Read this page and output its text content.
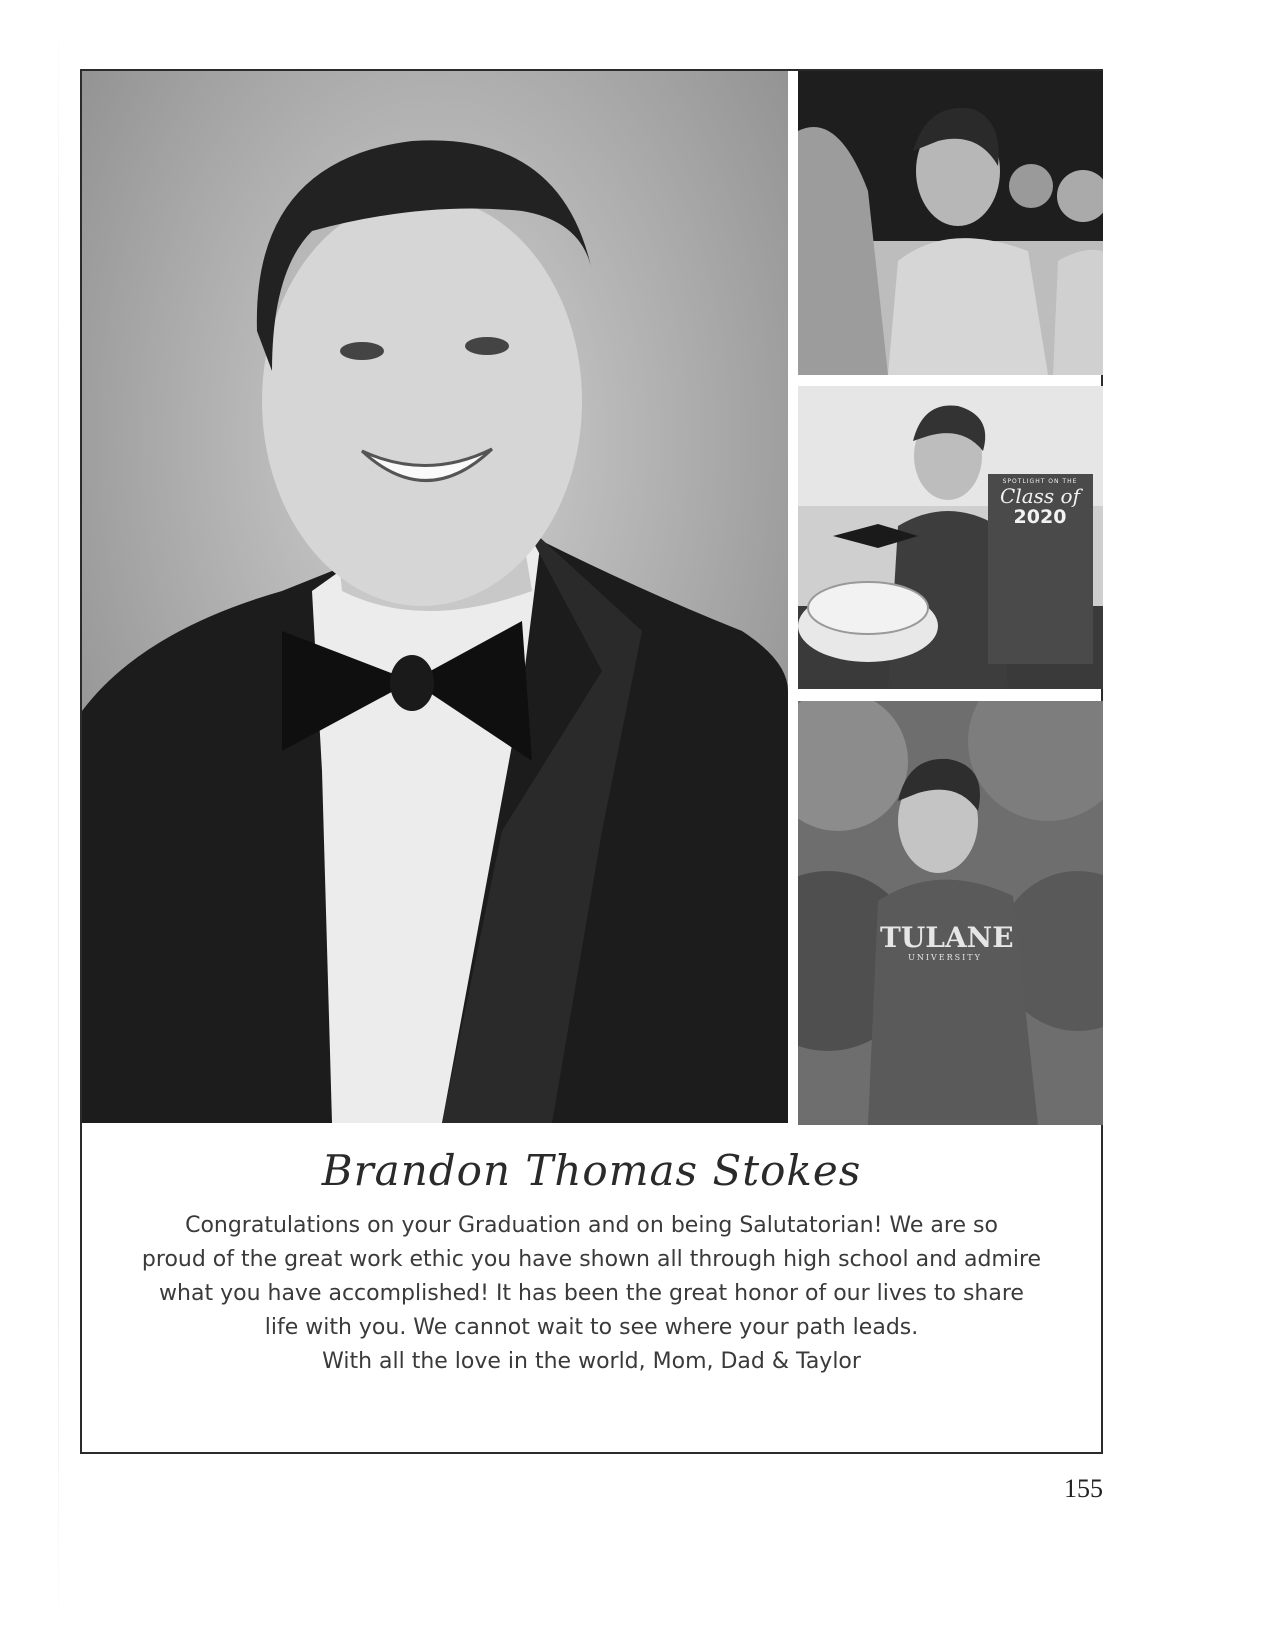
SPOTLIGHT ON THE
Class of
2020
TULANE
UNIVERSITY
Brandon Thomas Stokes
Congratulations on your Graduation and on being Salutatorian! We are so
proud of the great work ethic you have shown all through high school and admire
what you have accomplished! It has been the great honor of our lives to share
life with you. We cannot wait to see where your path leads.
With all the love in the world, Mom, Dad & Taylor
155
